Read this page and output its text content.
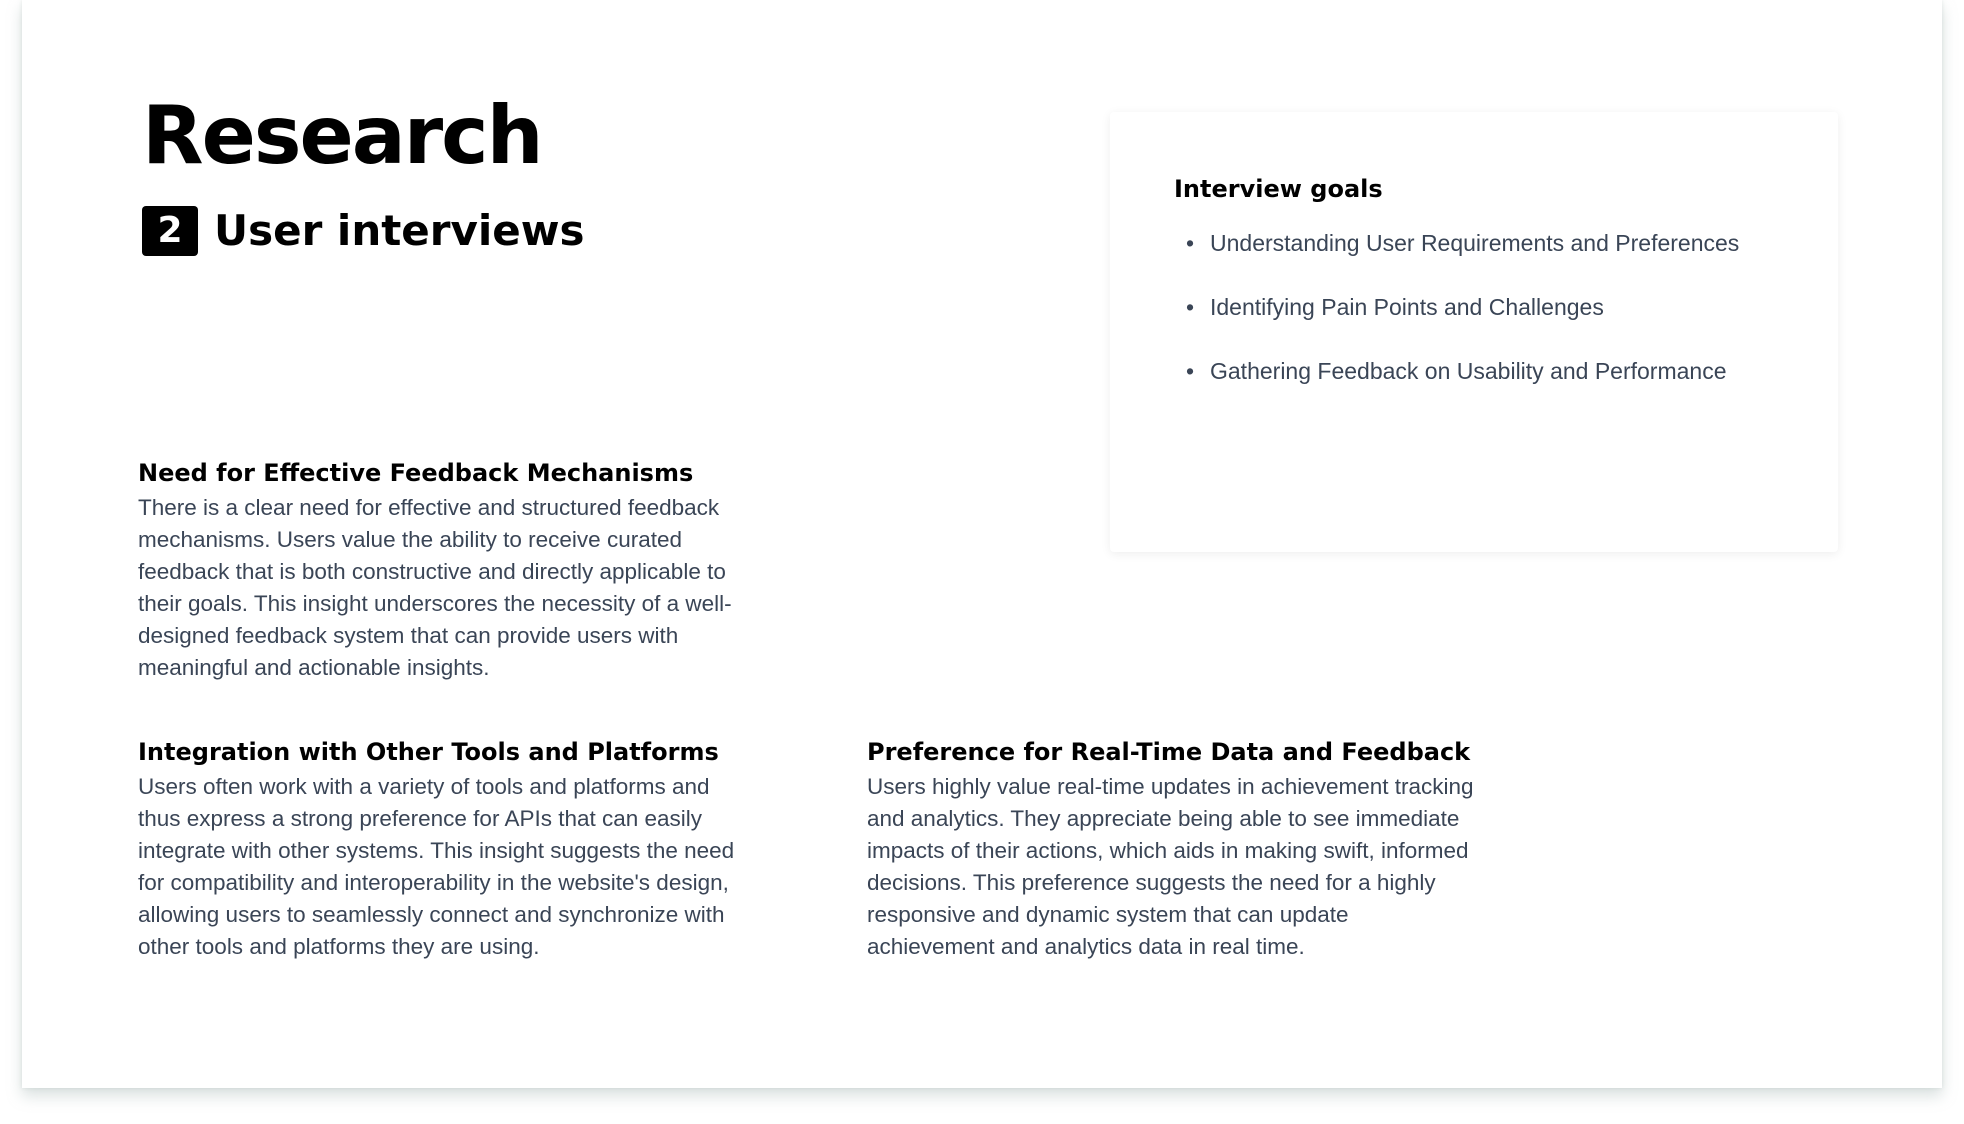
Research
2 User interviews
Interview goals
• Understanding User Requirements and Preferences
• Identifying Pain Points and Challenges
• Gathering Feedback on Usability and Performance
Need for Effective Feedback Mechanisms

There is a clear need for effective and structured feedback mechanisms. Users value the ability to receive curated feedback that is both constructive and directly applicable to their goals. This insight underscores the necessity of a well-designed feedback system that can provide users with meaningful and actionable insights.

Integration with Other Tools and Platforms

Users often work with a variety of tools and platforms and thus express a strong preference for APIs that can easily integrate with other systems. This insight suggests the need for compatibility and interoperability in the website's design, allowing users to seamlessly connect and synchronize with other tools and platforms they are using.

Preference for Real-Time Data and Feedback

Users highly value real-time updates in achievement tracking and analytics. They appreciate being able to see immediate impacts of their actions, which aids in making swift, informed decisions. This preference suggests the need for a highly responsive and dynamic system that can update achievement and analytics data in real time.
